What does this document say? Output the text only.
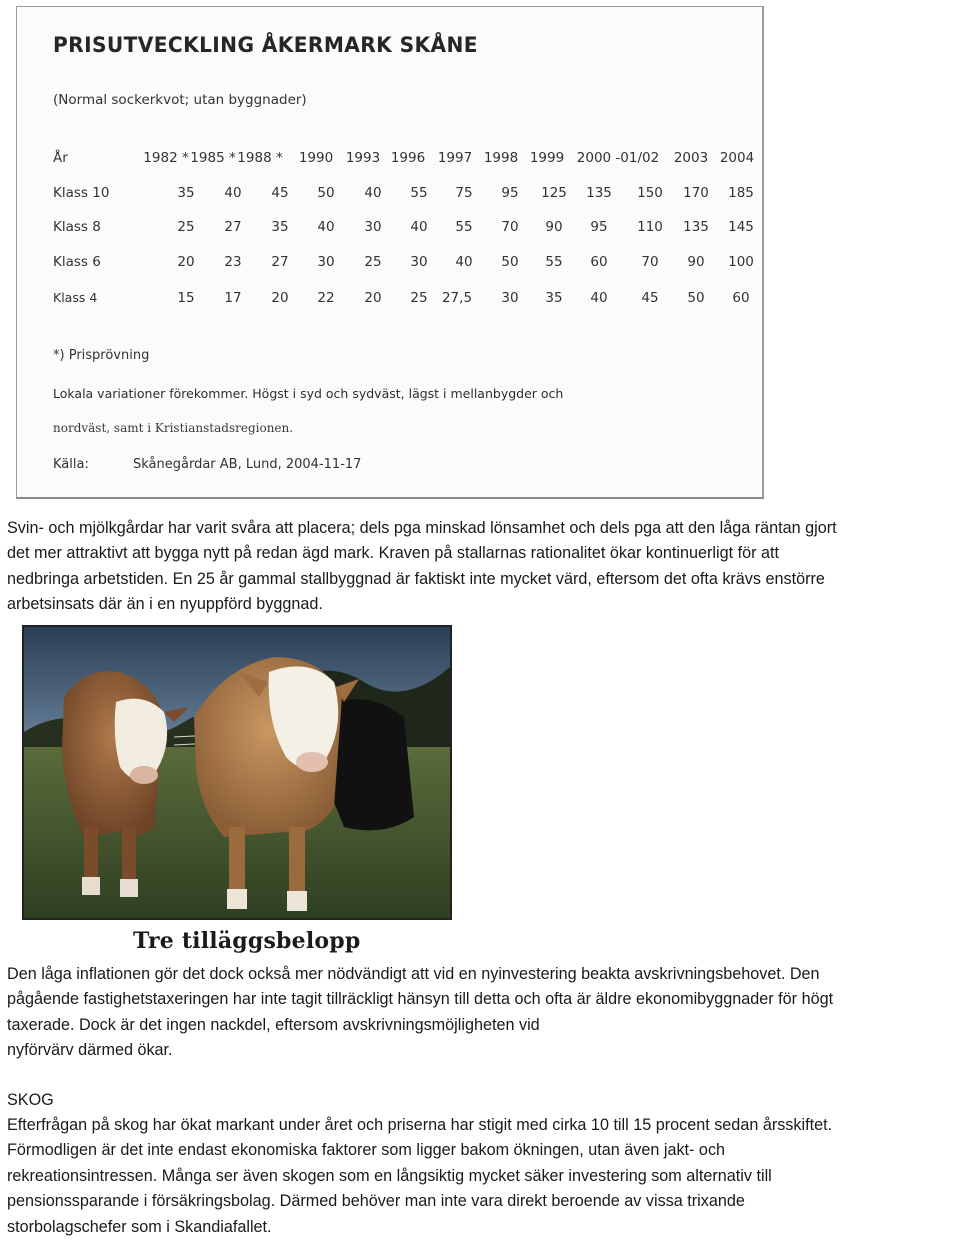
PRISUTVECKLING ÅKERMARK SKÅNE
(Normal sockerkvot; utan byggnader)
År	1982 * 1985 * 1988 * 1990 1993 1996 1997 1998 1999 2000 -01/02 2003 2004
Klass 10	35 40 45 50 40 55 75 95 125 135 150 170 185
Klass 8	25 27 35 40 30 40 55 70 90 95 110 135 145
Klass 6	20 23 27 30 25 30 40 50 55 60	70 90 100
Klass 4	15 17 20 22 20 25 27,5 30 35 40	45 50 60
*) Prisprövning
Lokala variationer förekommer. Högst i syd och sydväst, lägst i mellanbygder och
nordväst, samt i Kristianstadsregionen.
Källa:	Skånegårdar AB, Lund, 2004-11-17
Svin- och mjölkgårdar har varit svåra att placera; dels pga minskad lönsamhet och dels pga att den låga räntan gjort
det mer attraktivt att bygga nytt på redan ägd mark. Kraven på stallarnas rationalitet ökar kontinuerligt för att
nedbringa arbetstiden. En 25 år gammal stallbyggnad är faktiskt inte mycket värd, eftersom det ofta krävs enstörre
arbetsinsats där än i en nyuppförd byggnad.
Tre tilläggsbelopp
Den låga inflationen gör det dock också mer nödvändigt att vid en nyinvestering beakta avskrivningsbehovet. Den
pågående fastighetstaxeringen har inte tagit tillräckligt hänsyn till detta och ofta är äldre ekonomibyggnader för högt
taxerade. Dock är det ingen nackdel, eftersom avskrivningsmöjligheten vid
nyförvärv därmed ökar.
SKOG
Efterfrågan på skog har ökat markant under året och priserna har stigit med cirka 10 till 15 procent sedan årsskiftet.
Förmodligen är det inte endast ekonomiska faktorer som ligger bakom ökningen, utan även jakt- och
rekreationsintressen. Många ser även skogen som en långsiktig mycket säker investering som alternativ till
pensionssparande i försäkringsbolag. Därmed behöver man inte vara direkt beroende av vissa trixande
storbolagschefer som i Skandiafallet.
